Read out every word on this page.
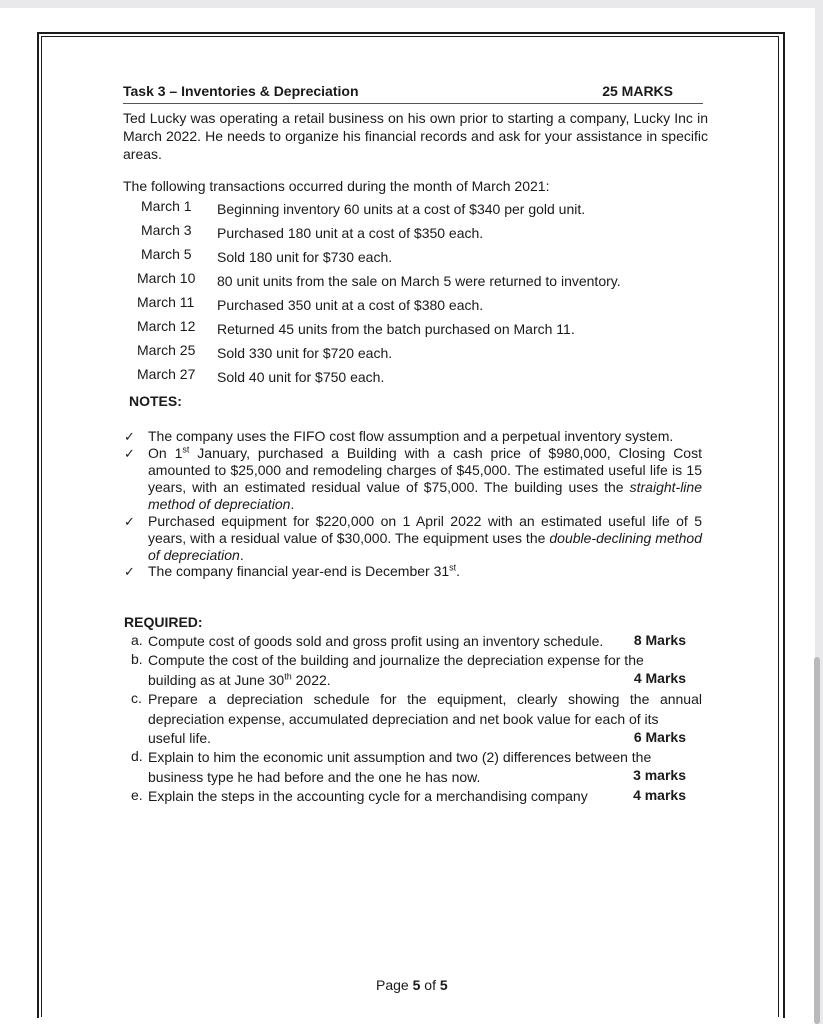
Task 3 – Inventories & Depreciation	25 MARKS
Ted Lucky was operating a retail business on his own prior to starting a company, Lucky Inc in March 2022. He needs to organize his financial records and ask for your assistance in specific areas.
The following transactions occurred during the month of March 2021:
March 1 Beginning inventory 60 units at a cost of $340 per gold unit.
March 3 Purchased 180 unit at a cost of $350 each.
March 5 Sold 180 unit for $730 each.
March 10 80 unit units from the sale on March 5 were returned to inventory.
March 11 Purchased 350 unit at a cost of $380 each.
March 12 Returned 45 units from the batch purchased on March 11.
March 25 Sold 330 unit for $720 each.
March 27 Sold 40 unit for $750 each.
NOTES:
✓ The company uses the FIFO cost flow assumption and a perpetual inventory system.
✓ On 1st January, purchased a Building with a cash price of $980,000, Closing Cost amounted to $25,000 and remodeling charges of $45,000. The estimated useful life is 15 years, with an estimated residual value of $75,000. The building uses the straight-line method of depreciation.
✓ Purchased equipment for $220,000 on 1 April 2022 with an estimated useful life of 5 years, with a residual value of $30,000. The equipment uses the double-declining method of depreciation.
✓ The company financial year-end is December 31st.
REQUIRED:
a. Compute cost of goods sold and gross profit using an inventory schedule.	8 Marks
b. Compute the cost of the building and journalize the depreciation expense for the
building as at June 30th 2022.	4 Marks
c. Prepare a depreciation schedule for the equipment, clearly showing the annual depreciation expense, accumulated depreciation and net book value for each of its
useful life.	6 Marks
d. Explain to him the economic unit assumption and two (2) differences between the
business type he had before and the one he has now.	3 marks
e. Explain the steps in the accounting cycle for a merchandising company	4 marks
Page 5 of 5
